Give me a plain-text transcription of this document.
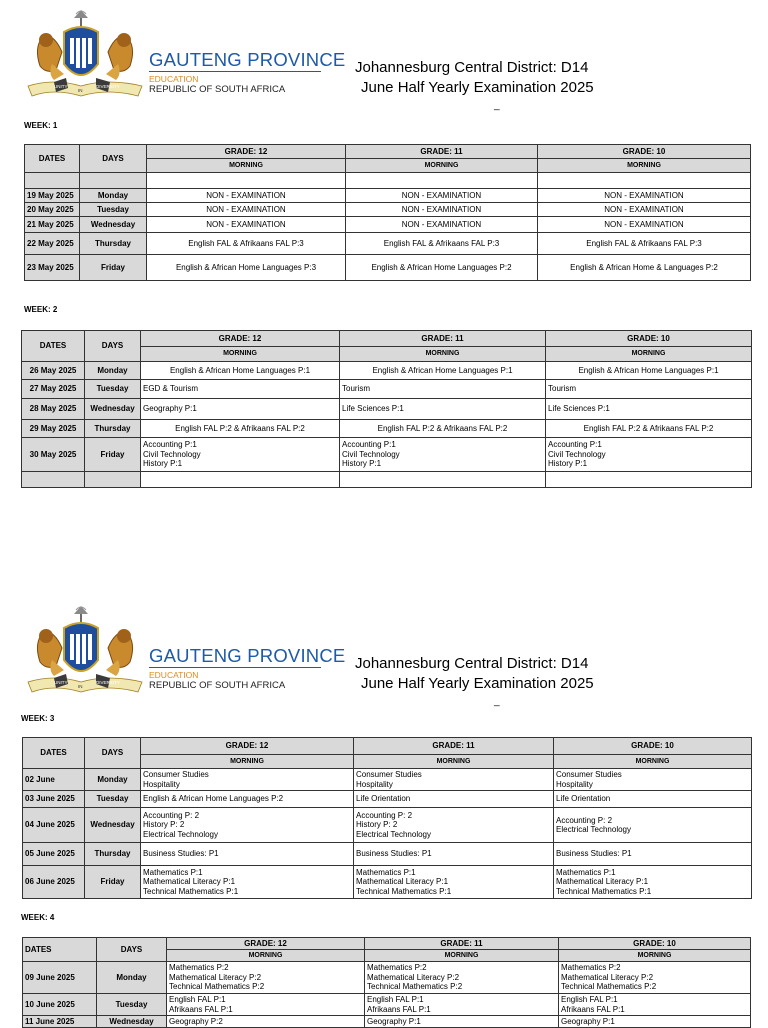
UNITY
IN
DIVERSITY
GAUTENG PROVINCE
EDUCATION
REPUBLIC OF SOUTH AFRICA
Johannesburg Central District: D14
June Half Yearly Examination 2025
_
WEEK: 1
DATES	DAYS	GRADE: 12	GRADE: 11	GRADE: 10
		MORNING	MORNING	MORNING

19 May 2025	Monday	NON - EXAMINATION	NON - EXAMINATION	NON - EXAMINATION
20 May 2025	Tuesday	NON - EXAMINATION	NON - EXAMINATION	NON - EXAMINATION
21 May 2025	Wednesday	NON - EXAMINATION	NON - EXAMINATION	NON - EXAMINATION
22 May 2025	Thursday	English FAL & Afrikaans FAL P:3	English FAL & Afrikaans FAL P:3	English FAL & Afrikaans FAL P:3
23 May 2025	Friday	English & African Home Languages P:3	English & African Home Languages P:2	English & African Home & Languages P:2
WEEK: 2
DATES	DAYS	GRADE: 12	GRADE: 11	GRADE: 10
		MORNING	MORNING	MORNING
26 May 2025	Monday	English & African Home Languages P:1	English & African Home Languages P:1	English & African Home Languages P:1
27 May 2025	Tuesday	EGD & Tourism	Tourism	Tourism
28 May 2025	Wednesday	Geography P:1	Life Sciences P:1	Life Sciences P:1
29 May 2025	Thursday	English FAL P:2 & Afrikaans FAL P:2	English FAL P:2 & Afrikaans FAL P:2	English FAL P:2 & Afrikaans FAL P:2
30 May 2025	Friday	Accounting P:1
Civil Technology
History P:1	Accounting P:1
Civil Technology
History P:1	Accounting P:1
Civil Technology
History P:1

UNITY
IN
DIVERSITY
GAUTENG PROVINCE
EDUCATION
REPUBLIC OF SOUTH AFRICA
Johannesburg Central District: D14
June Half Yearly Examination 2025
_
WEEK: 3
DATES	DAYS	GRADE: 12	GRADE: 11	GRADE: 10
		MORNING	MORNING	MORNING
02 June	Monday	Consumer Studies
Hospitality	Consumer Studies
Hospitality	Consumer Studies
Hospitality
03 June 2025	Tuesday	English & African Home Languages P:2	Life Orientation	Life Orientation
04 June 2025	Wednesday	Accounting P: 2
History P: 2
Electrical Technology	Accounting P: 2
History P: 2
Electrical Technology	Accounting P: 2
Electrical Technology
05 June 2025	Thursday	Business Studies: P1	Business Studies: P1	Business Studies: P1
06 June 2025	Friday	Mathematics P:1
Mathematical Literacy P:1
Technical Mathematics P:1	Mathematics P:1
Mathematical Literacy P:1
Technical Mathematics P:1	Mathematics P:1
Mathematical Literacy P:1
Technical Mathematics P:1
WEEK: 4
DATES	DAYS	GRADE: 12	GRADE: 11	GRADE: 10
		MORNING	MORNING	MORNING
09 June 2025	Monday	Mathematics P:2
Mathematical Literacy P:2
Technical Mathematics P:2	Mathematics P:2
Mathematical Literacy P:2
Technical Mathematics P:2	Mathematics P:2
Mathematical Literacy P:2
Technical Mathematics P:2
10 June 2025	Tuesday	English FAL P:1
Afrikaans FAL P:1	English FAL P:1
Afrikaans FAL P:1	English FAL P:1
Afrikaans FAL P:1
11 June 2025	Wednesday	Geography P:2	Geography P:1	Geography P:1
